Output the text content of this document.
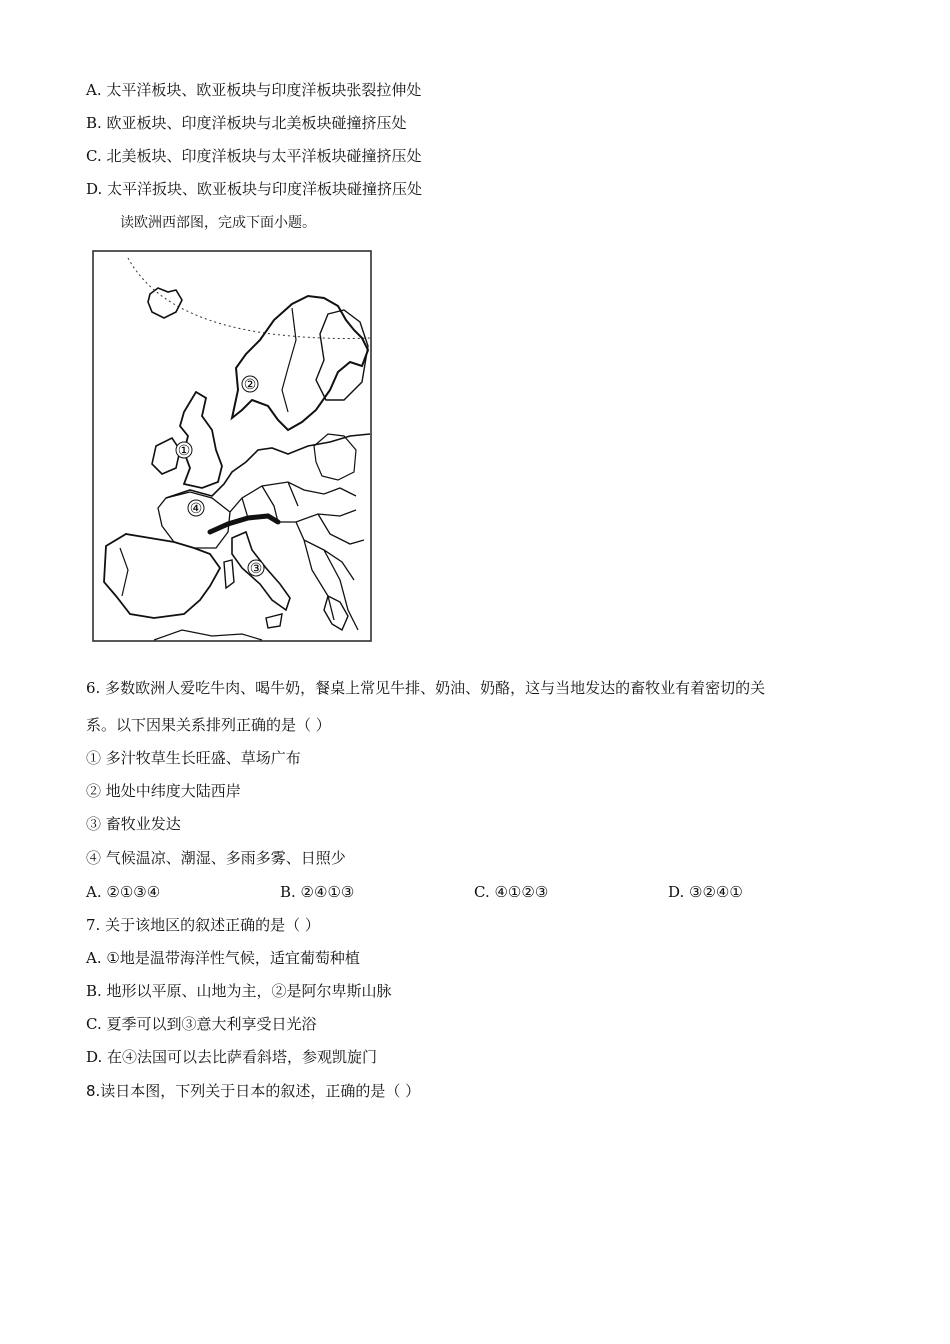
A. 太平洋板块、欧亚板块与印度洋板块张裂拉伸处
B. 欧亚板块、印度洋板块与北美板块碰撞挤压处
C. 北美板块、印度洋板块与太平洋板块碰撞挤压处
D. 太平洋扳块、欧亚板块与印度洋板块碰撞挤压处
读欧洲西部图，完成下面小题。
①
②
③
④
6. 多数欧洲人爱吃牛肉、喝牛奶，餐桌上常见牛排、奶油、奶酪，这与当地发达的畜牧业有着密切的关
系。以下因果关系排列正确的是（ ）
① 多汁牧草生长旺盛、草场广布
② 地处中纬度大陆西岸
③ 畜牧业发达
④ 气候温凉、潮湿、多雨多雾、日照少
A. ②①③④	B. ②④①③	C. ④①②③	D. ③②④①
7. 关于该地区的叙述正确的是（ ）
A. ①地是温带海洋性气候，适宜葡萄种植
B. 地形以平原、山地为主，②是阿尔卑斯山脉
C. 夏季可以到③意大利享受日光浴
D. 在④法国可以去比萨看斜塔，参观凯旋门
8.读日本图，下列关于日本的叙述，正确的是（ ）
